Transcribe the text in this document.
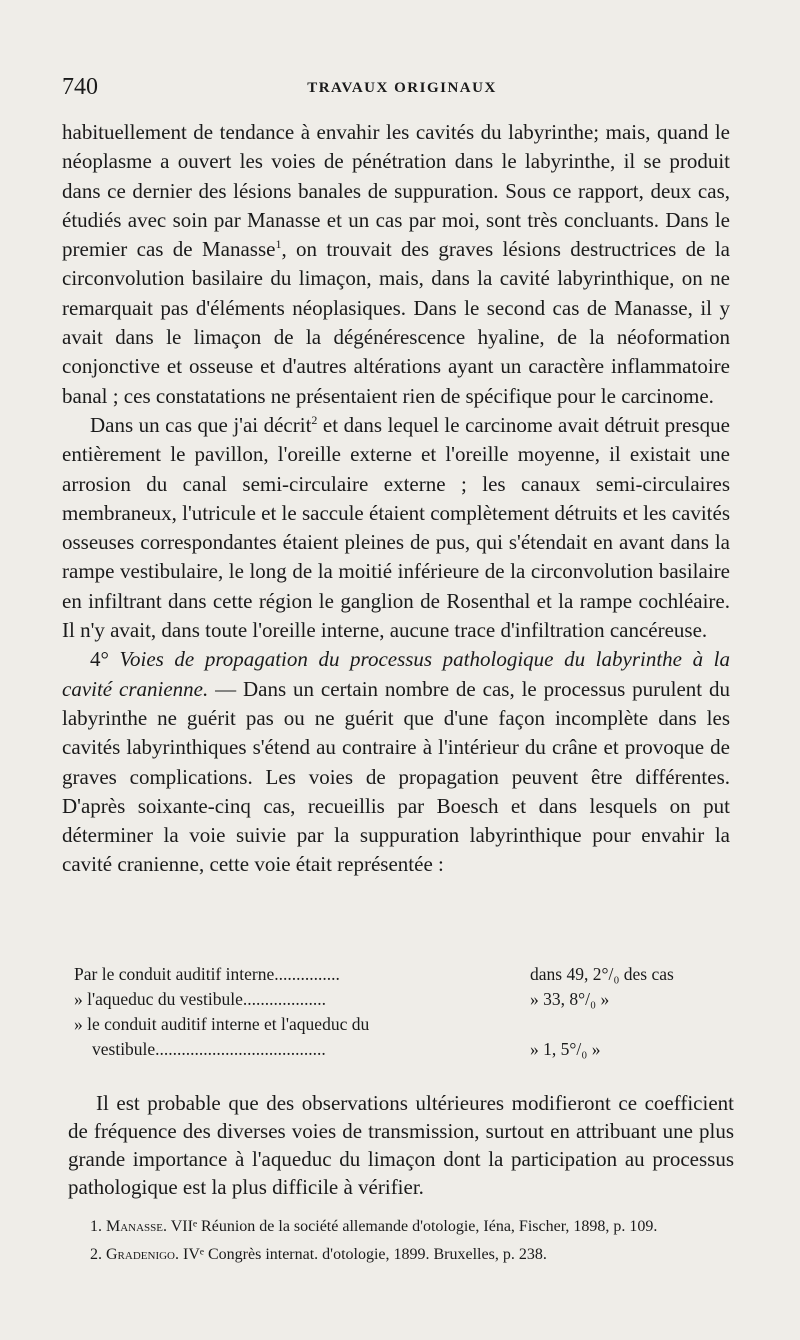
740	TRAVAUX ORIGINAUX

habituellement de tendance à envahir les cavités du labyrinthe; mais, quand le néoplasme a ouvert les voies de pénétration dans le labyrinthe, il se produit dans ce dernier des lésions banales de suppuration. Sous ce rapport, deux cas, étudiés avec soin par Manasse et un cas par moi, sont très concluants. Dans le premier cas de Manasse$^1$, on trouvait des graves lésions destructrices de la circonvolution basilaire du limaçon, mais, dans la cavité labyrinthique, on ne remarquait pas d'éléments néoplasiques. Dans le second cas de Manasse, il y avait dans le limaçon de la dégénérescence hyaline, de la néoformation conjonctive et osseuse et d'autres altérations ayant un caractère inflammatoire banal ; ces constatations ne présentaient rien de spécifique pour le carcinome.

Dans un cas que j'ai décrit$^2$ et dans lequel le carcinome avait détruit presque entièrement le pavillon, l'oreille externe et l'oreille moyenne, il existait une arrosion du canal semi-circulaire externe ; les canaux semi-circulaires membraneux, l'utricule et le saccule étaient complètement détruits et les cavités osseuses correspondantes étaient pleines de pus, qui s'étendait en avant dans la rampe vestibulaire, le long de la moitié inférieure de la circonvolution basilaire en infiltrant dans cette région le ganglion de Rosenthal et la rampe cochléaire. Il n'y avait, dans toute l'oreille interne, aucune trace d'infiltration cancéreuse.

4° Voies de propagation du processus pathologique du labyrinthe à la cavité cranienne. — Dans un certain nombre de cas, le processus purulent du labyrinthe ne guérit pas ou ne guérit que d'une façon incomplète dans les cavités labyrinthiques s'étend au contraire à l'intérieur du crâne et provoque de graves complications. Les voies de propagation peuvent être différentes. D'après soixante-cinq cas, recueillis par Boesch et dans lesquels on put déterminer la voie suivie par la suppuration labyrinthique pour envahir la cavité cranienne, cette voie était représentée :

Par le conduit auditif interne...............	dans 49, 2°/₀ des cas
» l'aqueduc du vestibule...................	» 33, 8°/₀ »
» le conduit auditif interne et l'aqueduc du
vestibule.......................................	» 1, 5°/₀ »

Il est probable que des observations ultérieures modifieront ce coefficient de fréquence des diverses voies de transmission, surtout en attribuant une plus grande importance à l'aqueduc du limaçon dont la participation au processus pathologique est la plus difficile à vérifier.

1. Manasse. VIIᵉ Réunion de la société allemande d'otologie, Iéna, Fischer, 1898, p. 109.

2. Gradenigo. IVᵉ Congrès internat. d'otologie, 1899. Bruxelles, p. 238.
